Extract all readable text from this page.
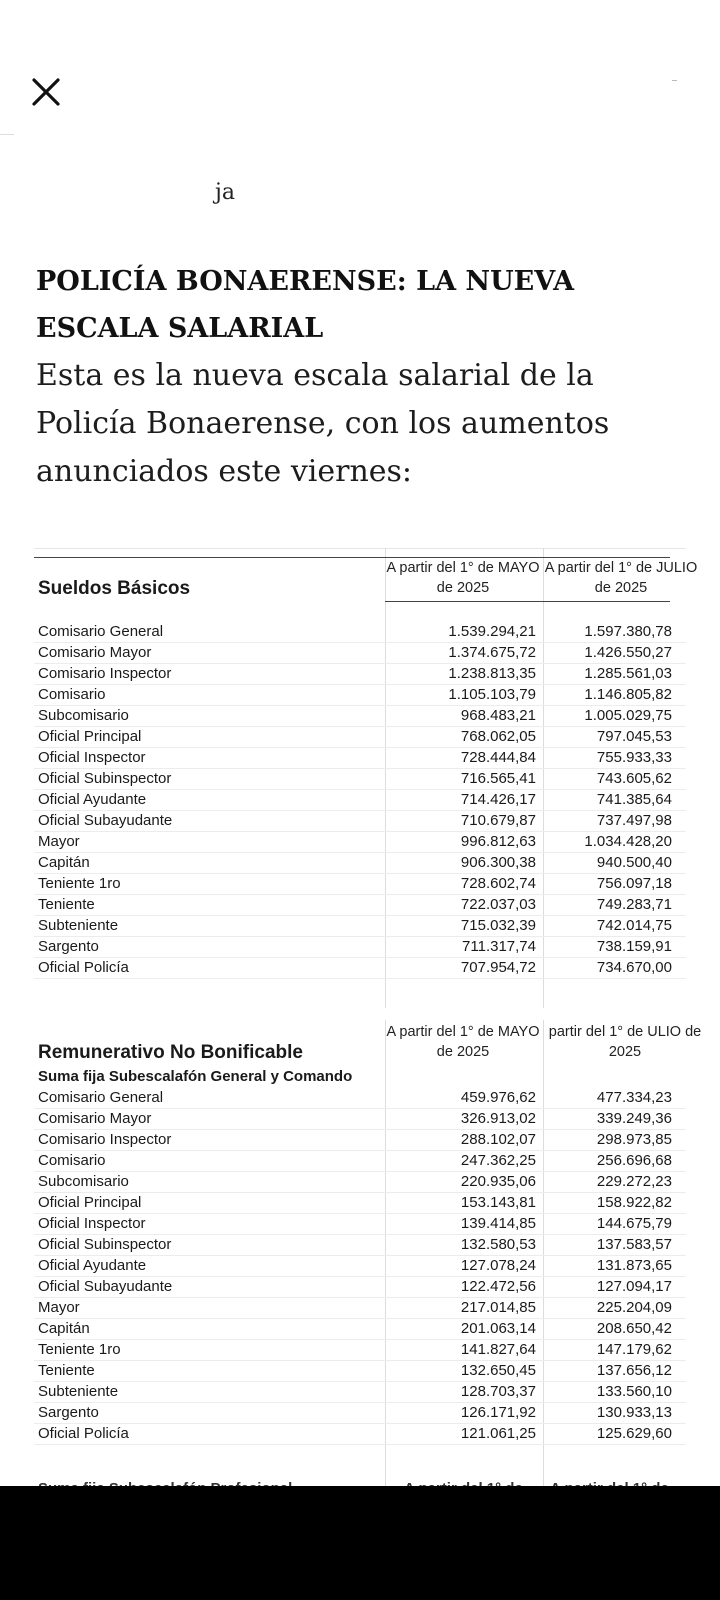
ja

POLICÍA BONAERENSE: LA NUEVA ESCALA SALARIAL

Esta es la nueva escala salarial de la Policía Bonaerense, con los aumentos anunciados este viernes:

Sueldos Básicos
A partir del 1° de MAYO de 2025
A partir del 1° de JULIO de 2025
Comisario General	1.539.294,21	1.597.380,78
Comisario Mayor	1.374.675,72	1.426.550,27
Comisario Inspector	1.238.813,35	1.285.561,03
Comisario	1.105.103,79	1.146.805,82
Subcomisario	968.483,21	1.005.029,75
Oficial Principal	768.062,05	797.045,53
Oficial Inspector	728.444,84	755.933,33
Oficial Subinspector	716.565,41	743.605,62
Oficial Ayudante	714.426,17	741.385,64
Oficial Subayudante	710.679,87	737.497,98
Mayor	996.812,63	1.034.428,20
Capitán	906.300,38	940.500,40
Teniente 1ro	728.602,74	756.097,18
Teniente	722.037,03	749.283,71
Subteniente	715.032,39	742.014,75
Sargento	711.317,74	738.159,91
Oficial Policía	707.954,72	734.670,00
Remunerativo No Bonificable
A partir del 1° de MAYO de 2025
partir del 1° de ULIO de 2025
Suma fija Subescalafón General y Comando
Comisario General	459.976,62	477.334,23
Comisario Mayor	326.913,02	339.249,36
Comisario Inspector	288.102,07	298.973,85
Comisario	247.362,25	256.696,68
Subcomisario	220.935,06	229.272,23
Oficial Principal	153.143,81	158.922,82
Oficial Inspector	139.414,85	144.675,79
Oficial Subinspector	132.580,53	137.583,57
Oficial Ayudante	127.078,24	131.873,65
Oficial Subayudante	122.472,56	127.094,17
Mayor	217.014,85	225.204,09
Capitán	201.063,14	208.650,42
Teniente 1ro	141.827,64	147.179,62
Teniente	132.650,45	137.656,12
Subteniente	128.703,37	133.560,10
Sargento	126.171,92	130.933,13
Oficial Policía	121.061,25	125.629,60
